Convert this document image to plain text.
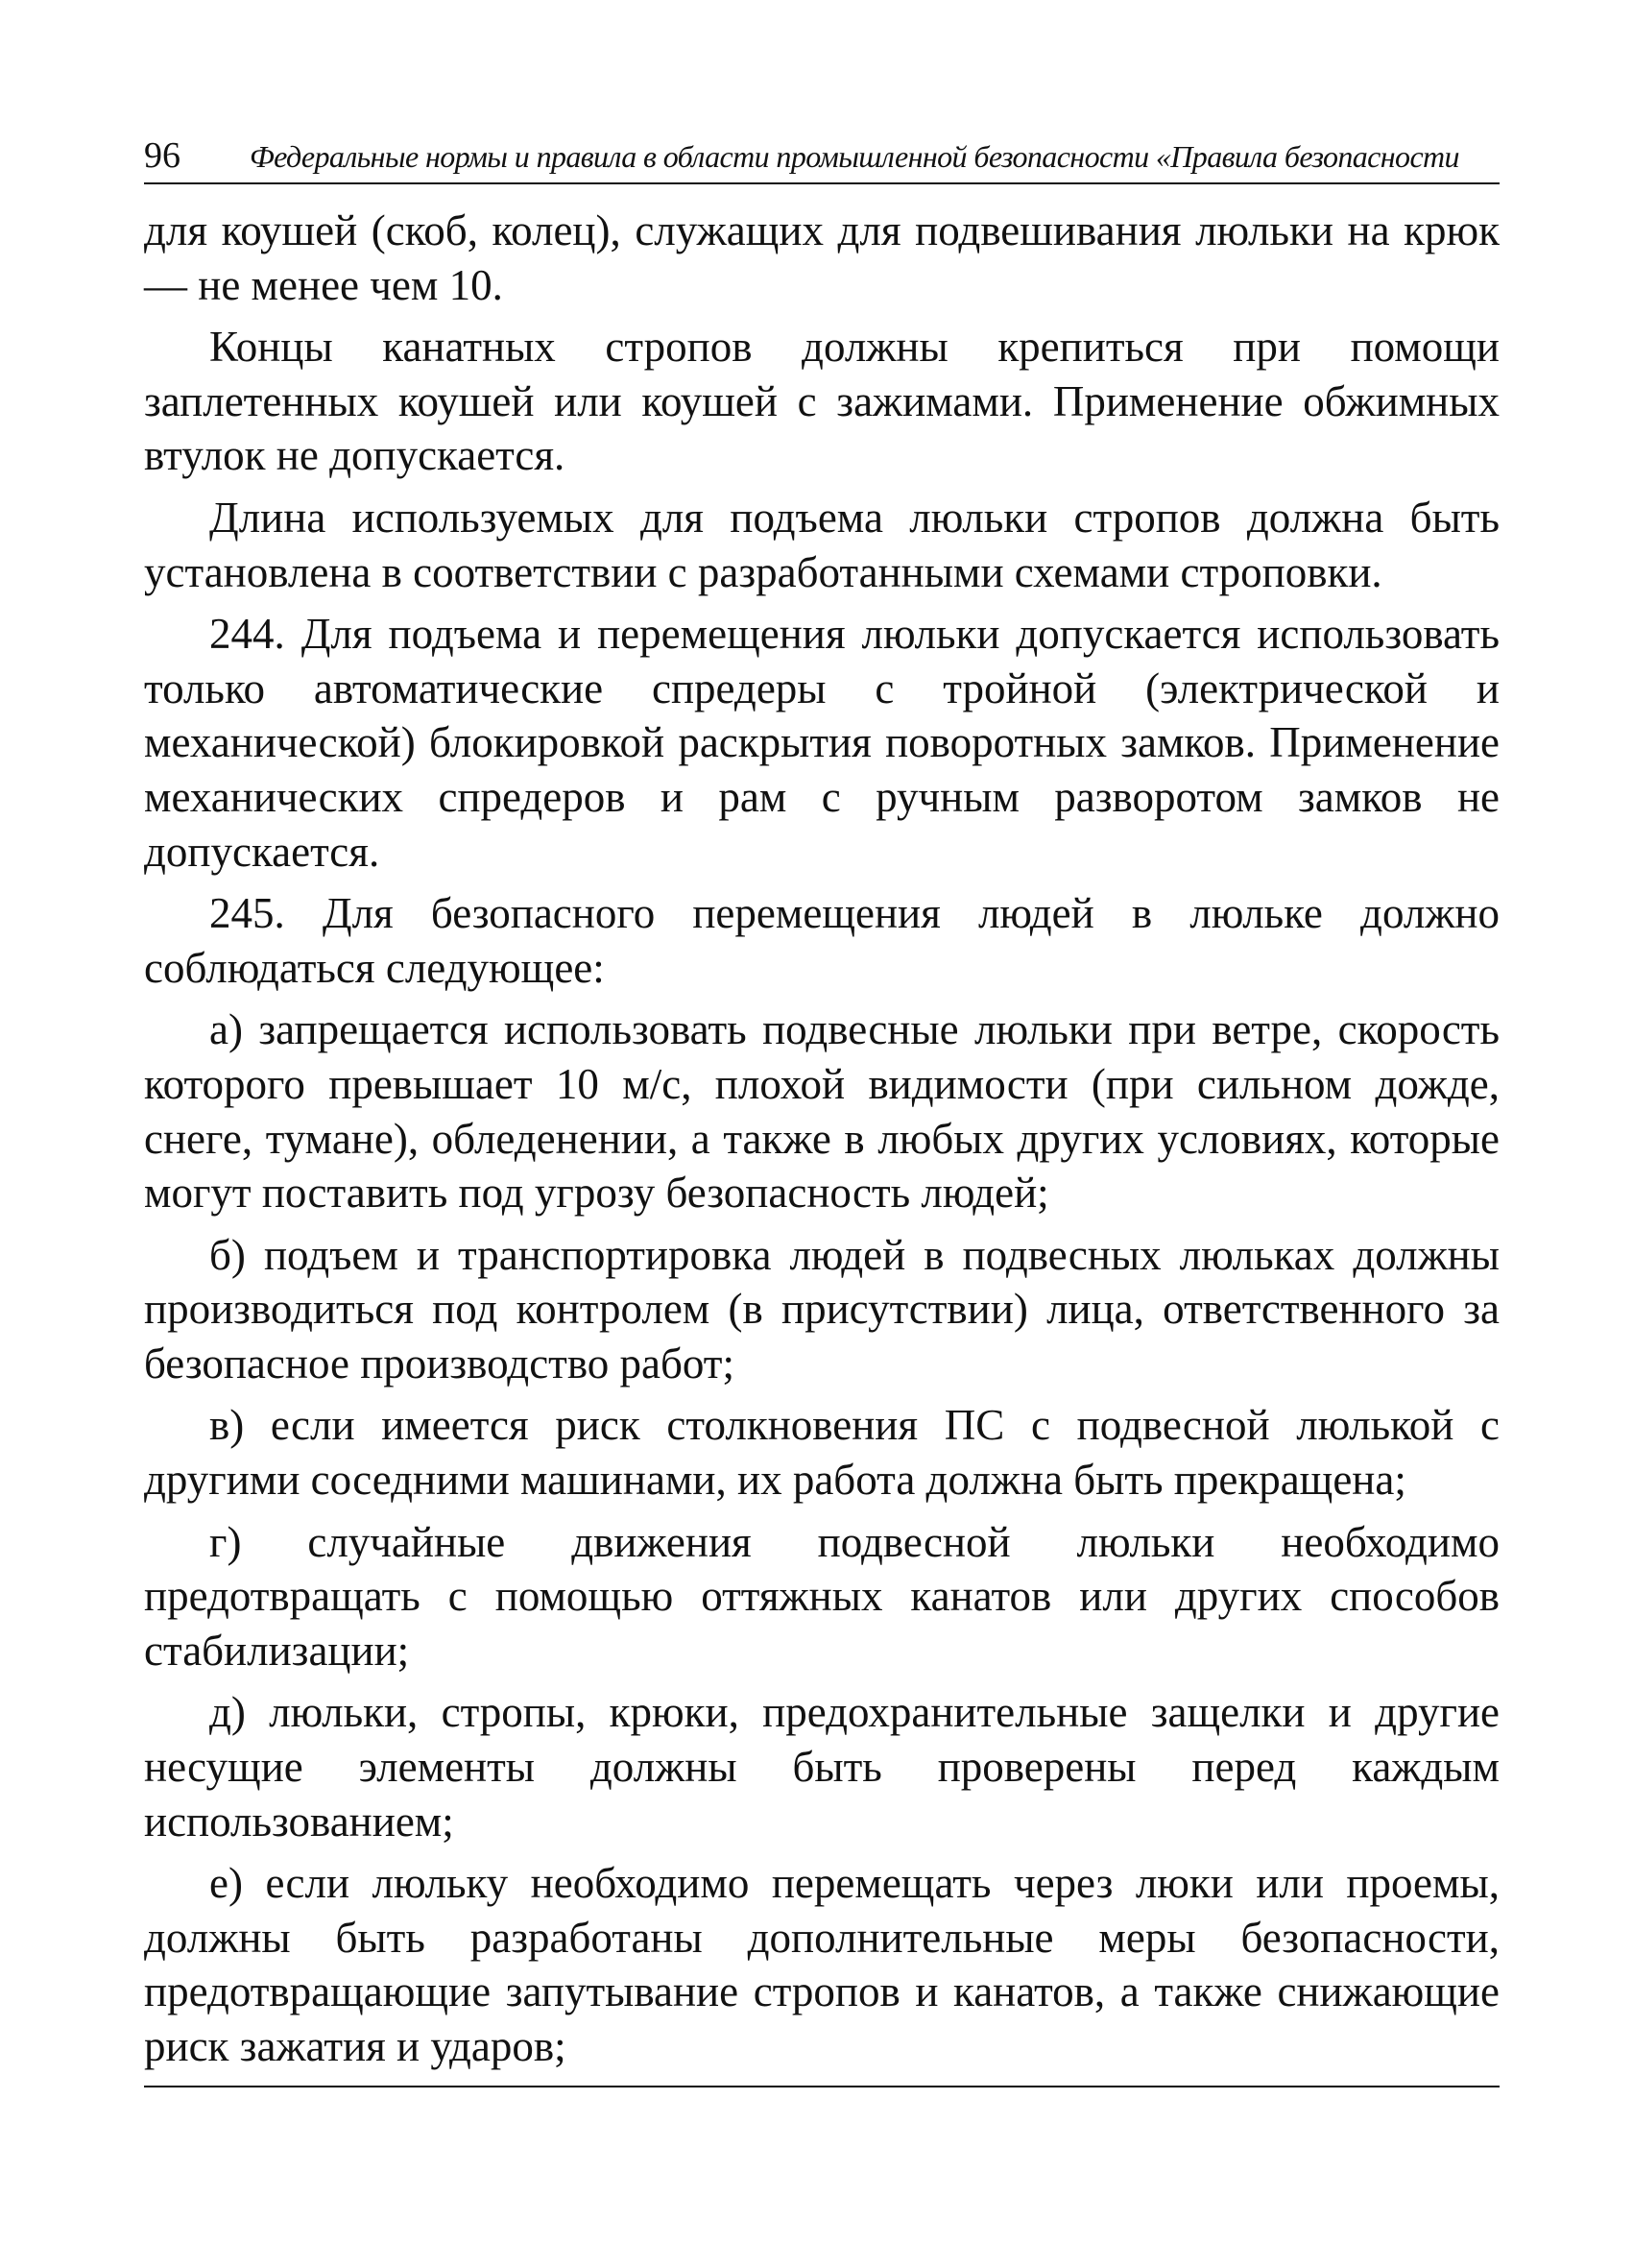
96	Федеральные нормы и правила в области промышленной безопасности «Правила безопасности

для коушей (скоб, колец), служащих для подвешивания люльки на крюк — не менее чем 10.

Концы канатных стропов должны крепиться при помощи заплетенных коушей или коушей с зажимами. Применение обжимных втулок не допускается.

Длина используемых для подъема люльки стропов должна быть установлена в соответствии с разработанными схемами строповки.

244. Для подъема и перемещения люльки допускается использовать только автоматические спредеры с тройной (электрической и механической) блокировкой раскрытия поворотных замков. Применение механических спредеров и рам с ручным разворотом замков не допускается.

245. Для безопасного перемещения людей в люльке должно соблюдаться следующее:

а) запрещается использовать подвесные люльки при ветре, скорость которого превышает 10 м/с, плохой видимости (при сильном дожде, снеге, тумане), обледенении, а также в любых других условиях, которые могут поставить под угрозу безопасность людей;

б) подъем и транспортировка людей в подвесных люльках должны производиться под контролем (в присутствии) лица, ответственного за безопасное производство работ;

в) если имеется риск столкновения ПС с подвесной люлькой с другими соседними машинами, их работа должна быть прекращена;

г) случайные движения подвесной люльки необходимо предотвращать с помощью оттяжных канатов или других способов стабилизации;

д) люльки, стропы, крюки, предохранительные защелки и другие несущие элементы должны быть проверены перед каждым использованием;

е) если люльку необходимо перемещать через люки или проемы, должны быть разработаны дополнительные меры безопасности, предотвращающие запутывание стропов и канатов, а также снижающие риск зажатия и ударов;
